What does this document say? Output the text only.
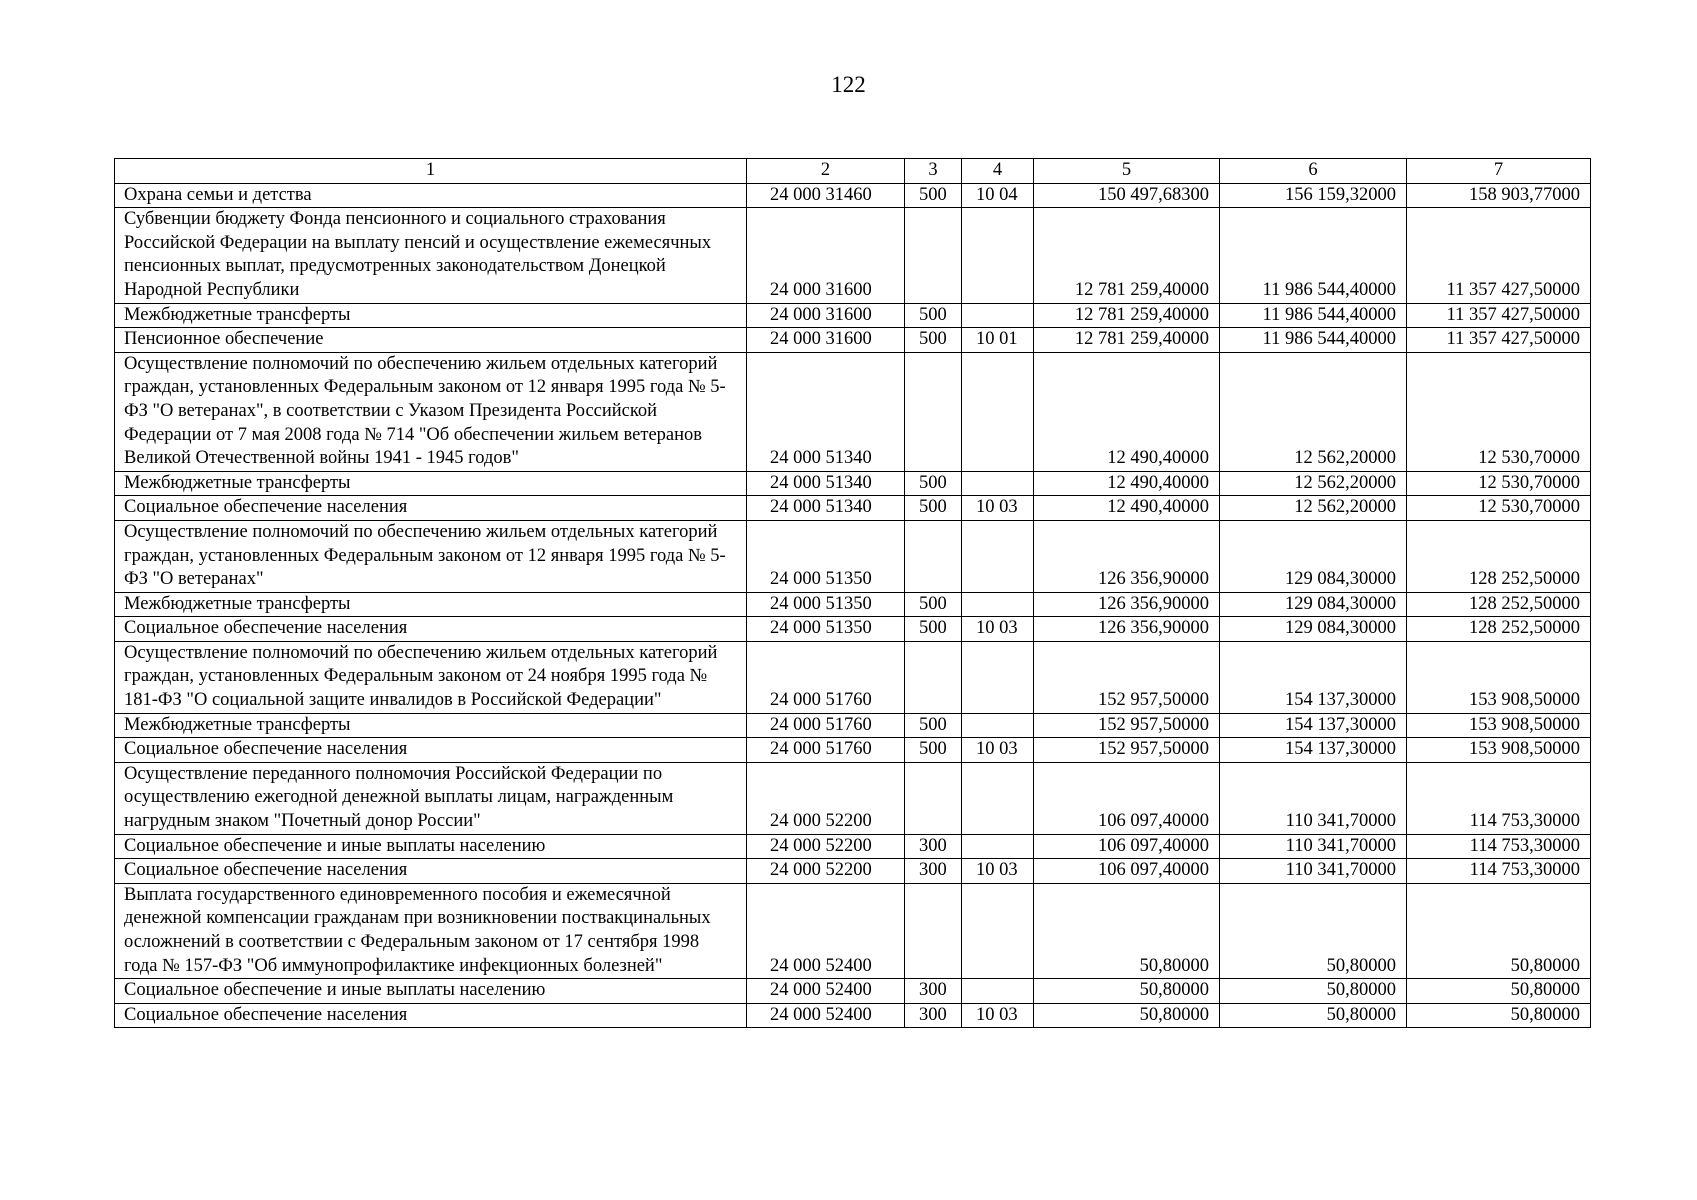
122
1	2	3	4	5	6	7
Охрана семьи и детства	24 000 31460	500	10 04	150 497,68300	156 159,32000	158 903,77000
Субвенции бюджету Фонда пенсионного и социального страхования Российской Федерации на выплату пенсий и осуществление ежемесячных пенсионных выплат, предусмотренных законодательством Донецкой Народной Республики	24 000 31600			12 781 259,40000	11 986 544,40000	11 357 427,50000
Межбюджетные трансферты	24 000 31600	500		12 781 259,40000	11 986 544,40000	11 357 427,50000
Пенсионное обеспечение	24 000 31600	500	10 01	12 781 259,40000	11 986 544,40000	11 357 427,50000
Осуществление полномочий по обеспечению жильем отдельных категорий граждан, установленных Федеральным законом от 12 января 1995 года № 5-ФЗ "О ветеранах", в соответствии с Указом Президента Российской Федерации от 7 мая 2008 года № 714 "Об обеспечении жильем ветеранов Великой Отечественной войны 1941 - 1945 годов"	24 000 51340			12 490,40000	12 562,20000	12 530,70000
Межбюджетные трансферты	24 000 51340	500		12 490,40000	12 562,20000	12 530,70000
Социальное обеспечение населения	24 000 51340	500	10 03	12 490,40000	12 562,20000	12 530,70000
Осуществление полномочий по обеспечению жильем отдельных категорий граждан, установленных Федеральным законом от 12 января 1995 года № 5-ФЗ "О ветеранах"	24 000 51350			126 356,90000	129 084,30000	128 252,50000
Межбюджетные трансферты	24 000 51350	500		126 356,90000	129 084,30000	128 252,50000
Социальное обеспечение населения	24 000 51350	500	10 03	126 356,90000	129 084,30000	128 252,50000
Осуществление полномочий по обеспечению жильем отдельных категорий граждан, установленных Федеральным законом от 24 ноября 1995 года № 181-ФЗ "О социальной защите инвалидов в Российской Федерации"	24 000 51760			152 957,50000	154 137,30000	153 908,50000
Межбюджетные трансферты	24 000 51760	500		152 957,50000	154 137,30000	153 908,50000
Социальное обеспечение населения	24 000 51760	500	10 03	152 957,50000	154 137,30000	153 908,50000
Осуществление переданного полномочия Российской Федерации по осуществлению ежегодной денежной выплаты лицам, награжденным нагрудным знаком "Почетный донор России"	24 000 52200			106 097,40000	110 341,70000	114 753,30000
Социальное обеспечение и иные выплаты населению	24 000 52200	300		106 097,40000	110 341,70000	114 753,30000
Социальное обеспечение населения	24 000 52200	300	10 03	106 097,40000	110 341,70000	114 753,30000
Выплата государственного единовременного пособия и ежемесячной денежной компенсации гражданам при возникновении поствакцинальных осложнений в соответствии с Федеральным законом от 17 сентября 1998 года № 157-ФЗ "Об иммунопрофилактике инфекционных болезней"	24 000 52400			50,80000	50,80000	50,80000
Социальное обеспечение и иные выплаты населению	24 000 52400	300		50,80000	50,80000	50,80000
Социальное обеспечение населения	24 000 52400	300	10 03	50,80000	50,80000	50,80000
